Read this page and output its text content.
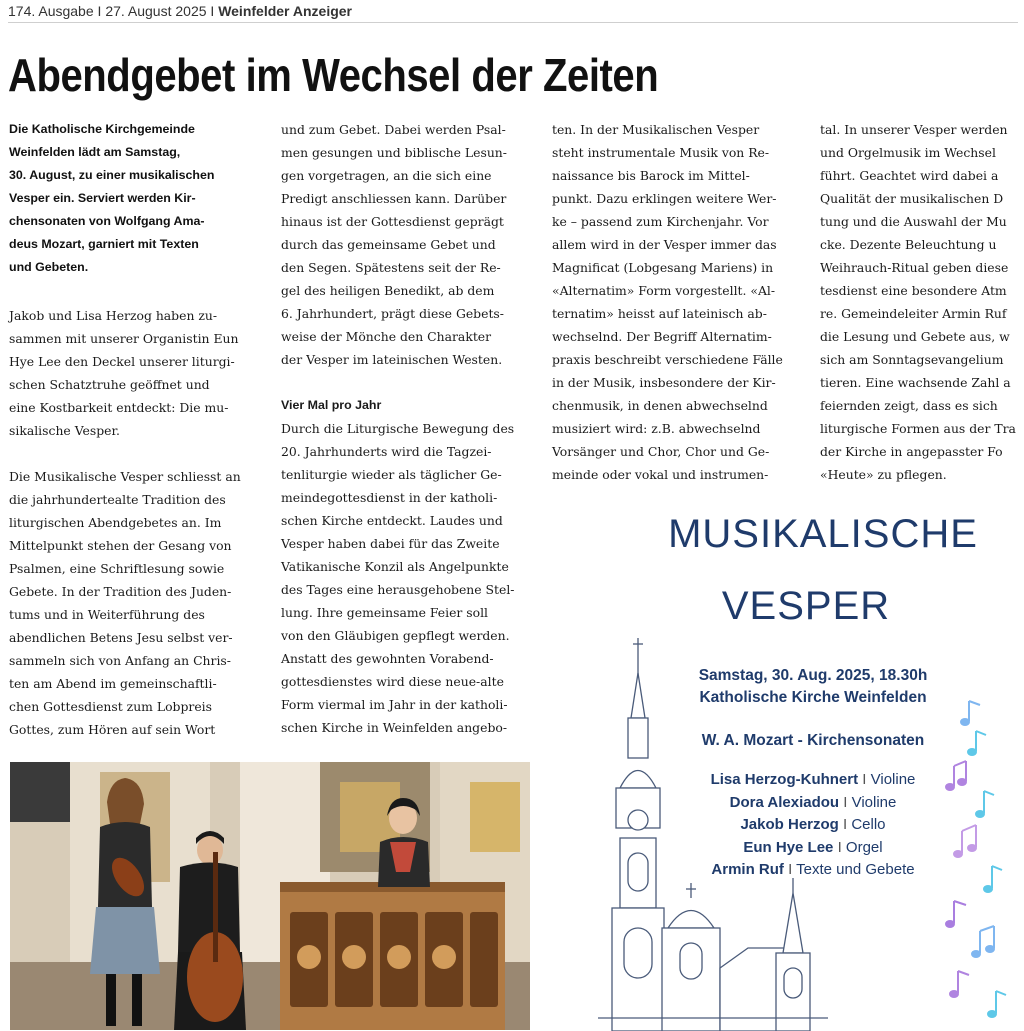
174. Ausgabe I 27. August 2025 I Weinfelder Anzeiger
Abendgebet im Wechsel der Zeiten

Die Katholische Kirchgemeinde
Weinfelden lädt am Samstag,
30. August, zu einer musikalischen
Vesper ein. Serviert werden Kir-
chensonaten von Wolfgang Ama-
deus Mozart, garniert mit Texten
und Gebeten.

Jakob und Lisa Herzog haben zu-
sammen mit unserer Organistin Eun
Hye Lee den Deckel unserer liturgi-
schen Schatztruhe geöffnet und
eine Kostbarkeit entdeckt: Die mu-
sikalische Vesper.

Die Musikalische Vesper schliesst an
die jahrhundertealte Tradition des
liturgischen Abendgebetes an. Im
Mittelpunkt stehen der Gesang von
Psalmen, eine Schriftlesung sowie
Gebete. In der Tradition des Juden-
tums und in Weiterführung des
abendlichen Betens Jesu selbst ver-
sammeln sich von Anfang an Chris-
ten am Abend im gemeinschaftli-
chen Gottesdienst zum Lobpreis
Gottes, zum Hören auf sein Wort

und zum Gebet. Dabei werden Psal-
men gesungen und biblische Lesun-
gen vorgetragen, an die sich eine
Predigt anschliessen kann. Darüber
hinaus ist der Gottesdienst geprägt
durch das gemeinsame Gebet und
den Segen. Spätestens seit der Re-
gel des heiligen Benedikt, ab dem
6. Jahrhundert, prägt diese Gebets-
weise der Mönche den Charakter
der Vesper im lateinischen Westen.

Vier Mal pro Jahr

Durch die Liturgische Bewegung des
20. Jahrhunderts wird die Tagzei-
tenliturgie wieder als täglicher Ge-
meindegottesdienst in der katholi-
schen Kirche entdeckt. Laudes und
Vesper haben dabei für das Zweite
Vatikanische Konzil als Angelpunkte
des Tages eine herausgehobene Stel-
lung. Ihre gemeinsame Feier soll
von den Gläubigen gepflegt werden.
Anstatt des gewohnten Vorabend-
gottesdienstes wird diese neue-alte
Form viermal im Jahr in der katholi-
schen Kirche in Weinfelden angebo-

ten. In der Musikalischen Vesper
steht instrumentale Musik von Re-
naissance bis Barock im Mittel-
punkt. Dazu erklingen weitere Wer-
ke – passend zum Kirchenjahr. Vor
allem wird in der Vesper immer das
Magnificat (Lobgesang Mariens) in
«Alternatim» Form vorgestellt. «Al-
ternatim» heisst auf lateinisch ab-
wechselnd. Der Begriff Alternatim-
praxis beschreibt verschiedene Fälle
in der Musik, insbesondere der Kir-
chenmusik, in denen abwechselnd
musiziert wird: z.B. abwechselnd
Vorsänger und Chor, Chor und Ge-
meinde oder vokal und instrumen-

tal. In unserer Vesper werden
und Orgelmusik im Wechsel
führt. Geachtet wird dabei a
Qualität der musikalischen D
tung und die Auswahl der Mu
cke. Dezente Beleuchtung u
Weihrauch-Ritual geben diese
tesdienst eine besondere Atm
re. Gemeindeleiter Armin Ruf
die Lesung und Gebete aus, w
sich am Sonntagsevangelium
tieren. Eine wachsende Zahl a
feiernden zeigt, dass es sich
liturgische Formen aus der Tra
der Kirche in angepasster Fo
«Heute» zu pflegen.

MUSIKALISCHE
VESPER
Samstag, 30. Aug. 2025, 18.30h
Katholische Kirche Weinfelden
W. A. Mozart - Kirchensonaten
Lisa Herzog-Kuhnert I Violine
Dora Alexiadou I Violine
Jakob Herzog I Cello
Eun Hye Lee I Orgel
Armin Ruf I Texte und Gebete
